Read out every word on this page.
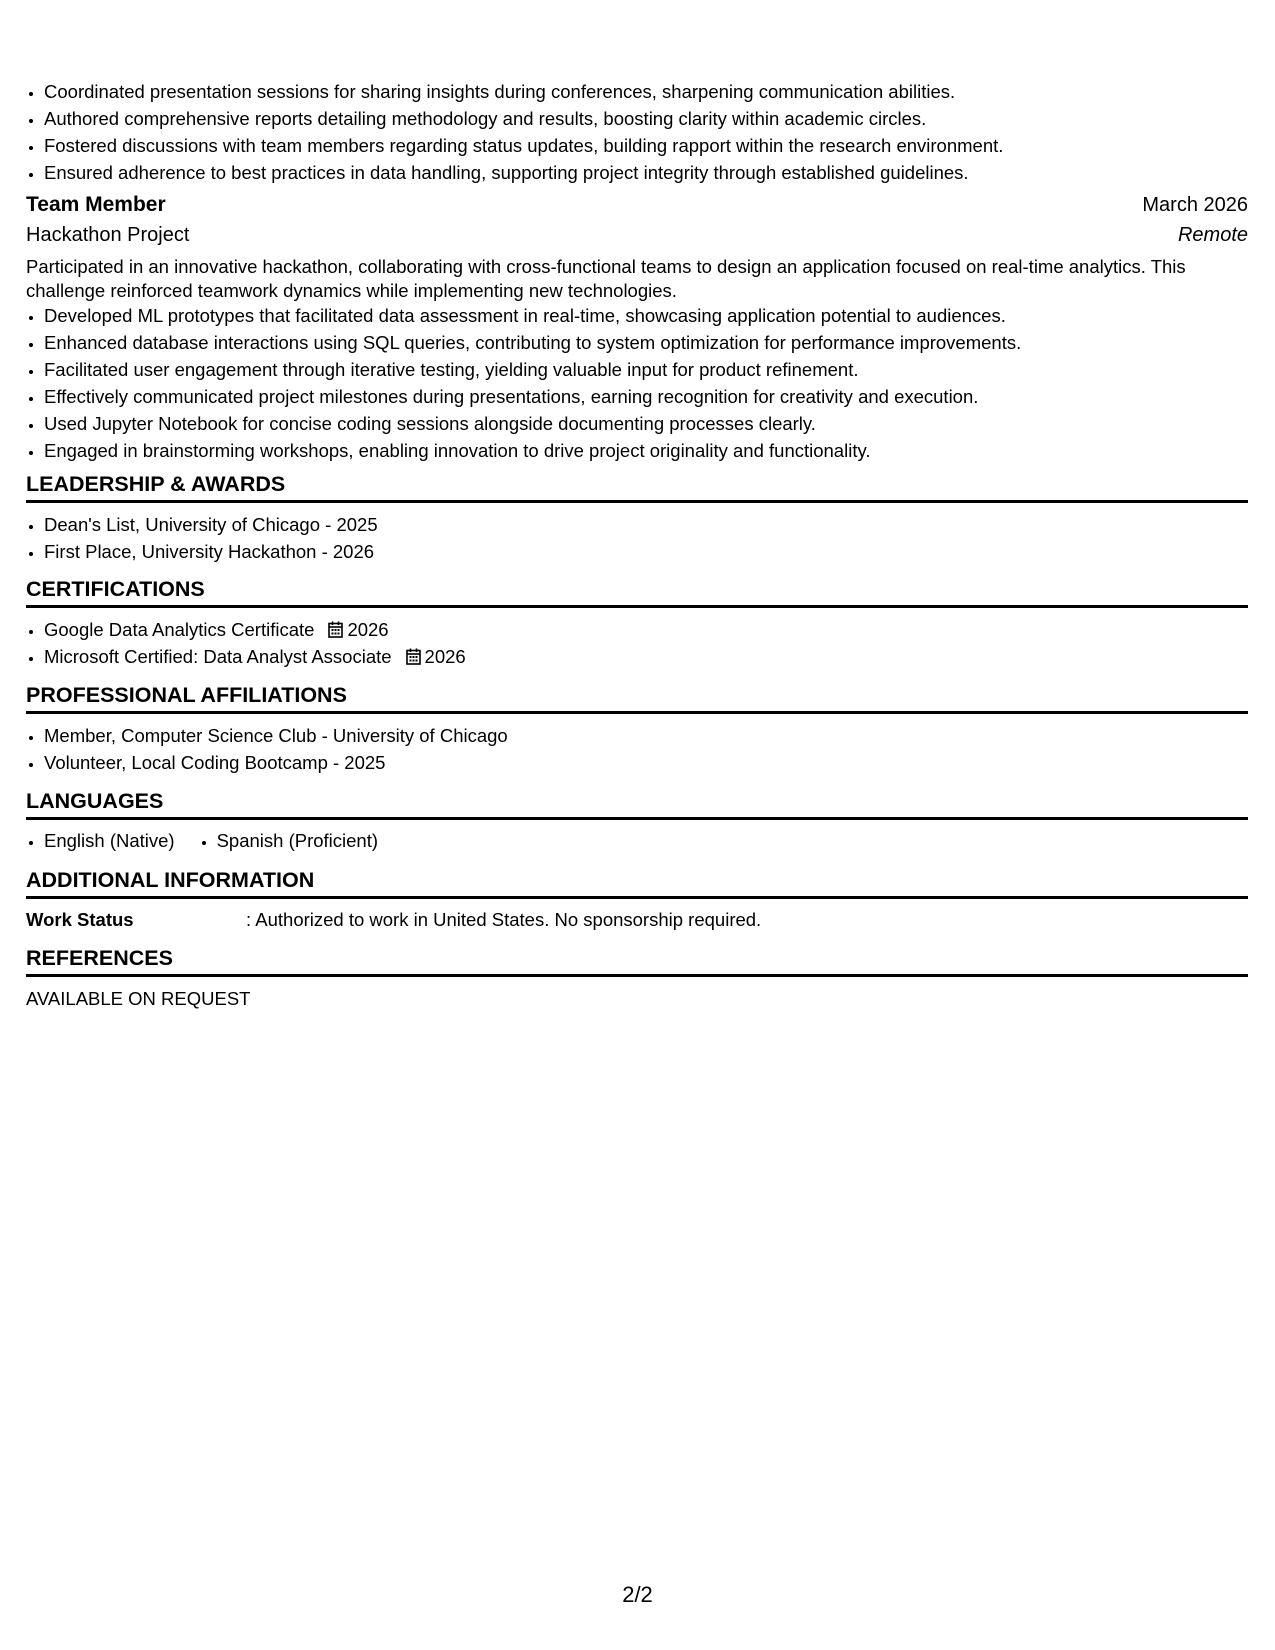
• Coordinated presentation sessions for sharing insights during conferences, sharpening communication abilities.
• Authored comprehensive reports detailing methodology and results, boosting clarity within academic circles.
• Fostered discussions with team members regarding status updates, building rapport within the research environment.
• Ensured adherence to best practices in data handling, supporting project integrity through established guidelines.
Team Member	March 2026
Hackathon Project	Remote

Participated in an innovative hackathon, collaborating with cross-functional teams to design an application focused on real-time analytics. This challenge reinforced teamwork dynamics while implementing new technologies.

• Developed ML prototypes that facilitated data assessment in real-time, showcasing application potential to audiences.
• Enhanced database interactions using SQL queries, contributing to system optimization for performance improvements.
• Facilitated user engagement through iterative testing, yielding valuable input for product refinement.
• Effectively communicated project milestones during presentations, earning recognition for creativity and execution.
• Used Jupyter Notebook for concise coding sessions alongside documenting processes clearly.
• Engaged in brainstorming workshops, enabling innovation to drive project originality and functionality.
LEADERSHIP & AWARDS
• Dean's List, University of Chicago - 2025
• First Place, University Hackathon - 2026
CERTIFICATIONS
• Google Data Analytics Certificate 2026
• Microsoft Certified: Data Analyst Associate 2026
PROFESSIONAL AFFILIATIONS
• Member, Computer Science Club - University of Chicago
• Volunteer, Local Coding Bootcamp - 2025
LANGUAGES
• English (Native)
• Spanish (Proficient)
ADDITIONAL INFORMATION
Work Status	: Authorized to work in United States. No sponsorship required.
REFERENCES
AVAILABLE ON REQUEST
2/2
